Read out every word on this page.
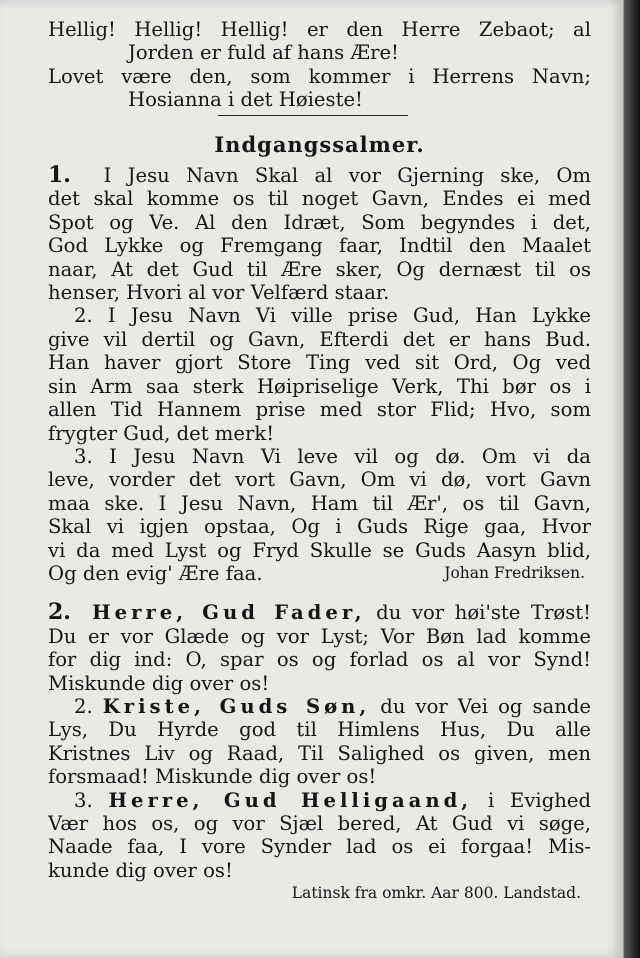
Hellig! Hellig! Hellig! er den Herre Zebaot; al
Jorden er fuld af hans Ære!
Lovet være den, som kommer i Herrens Navn;
Hosianna i det Høieste!
Indgangssalmer.
1. I Jesu Navn Skal al vor Gjerning ske, Om
det skal komme os til noget Gavn, Endes ei med
Spot og Ve. Al den Idræt, Som begyndes i det,
God Lykke og Fremgang faar, Indtil den Maalet
naar, At det Gud til Ære sker, Og dernæst til os
henser, Hvori al vor Velfærd staar.
2. I Jesu Navn Vi ville prise Gud, Han Lykke
give vil dertil og Gavn, Efterdi det er hans Bud.
Han haver gjort Store Ting ved sit Ord, Og ved
sin Arm saa sterk Høipriselige Verk, Thi bør os i
allen Tid Hannem prise med stor Flid; Hvo, som
frygter Gud, det merk!
3. I Jesu Navn Vi leve vil og dø. Om vi da
leve, vorder det vort Gavn, Om vi dø, vort Gavn
maa ske. I Jesu Navn, Ham til Ær', os til Gavn,
Skal vi igjen opstaa, Og i Guds Rige gaa, Hvor
vi da med Lyst og Fryd Skulle se Guds Aasyn blid,
Og den evig' Ære faa.	Johan Fredriksen.
2. Herre, Gud Fader, du vor høi'ste Trøst!
Du er vor Glæde og vor Lyst; Vor Bøn lad komme
for dig ind: O, spar os og forlad os al vor Synd!
Miskunde dig over os!
2. Kriste, Guds Søn, du vor Vei og sande
Lys, Du Hyrde god til Himlens Hus, Du alle
Kristnes Liv og Raad, Til Salighed os given, men
forsmaad! Miskunde dig over os!
3. Herre, Gud Helligaand, i Evighed
Vær hos os, og vor Sjæl bered, At Gud vi søge,
Naade faa, I vore Synder lad os ei forgaa! Mis-
kunde dig over os!
Latinsk fra omkr. Aar 800. Landstad.
